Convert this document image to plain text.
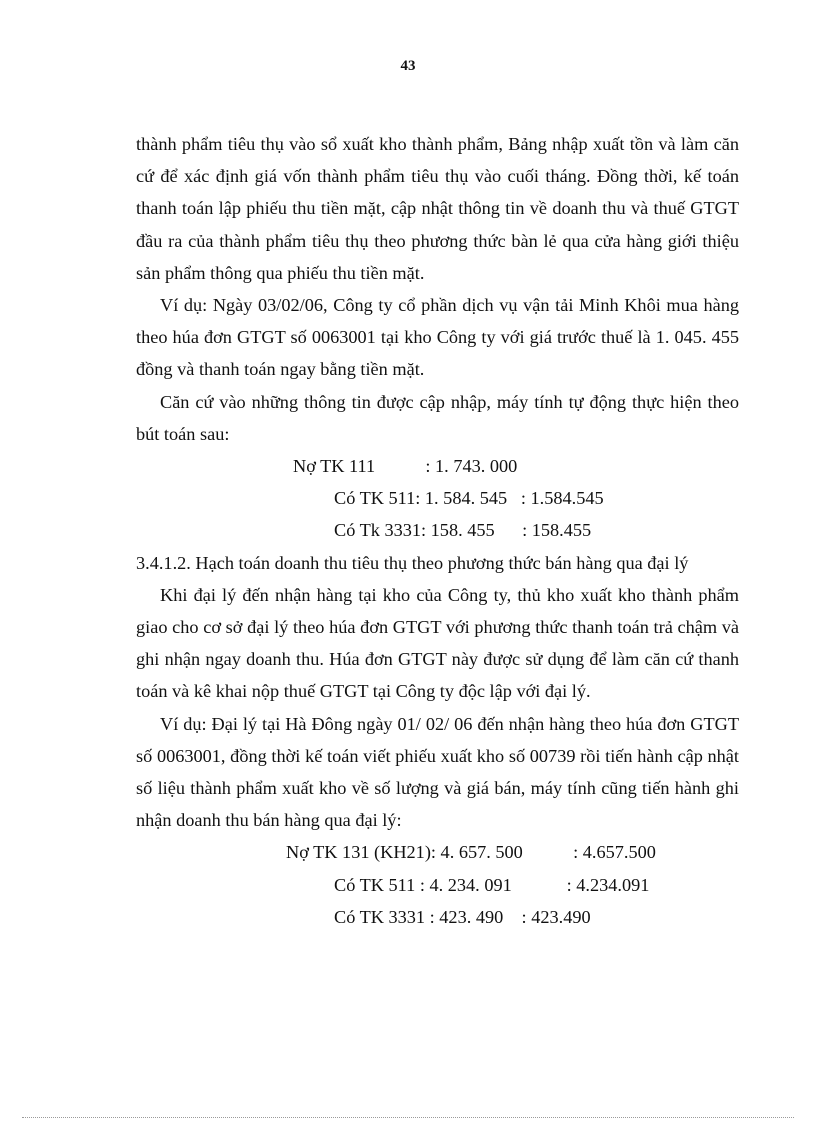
43

thành phẩm tiêu thụ vào sổ xuất kho thành phẩm, Bảng nhập xuất tồn và làm căn cứ để xác định giá vốn thành phẩm tiêu thụ vào cuối tháng. Đồng thời, kế toán thanh toán lập phiếu thu tiền mặt, cập nhật thông tin về doanh thu và thuế GTGT đầu ra của thành phẩm tiêu thụ theo phương thức bàn lẻ qua cửa hàng giới thiệu sản phẩm thông qua phiếu thu tiền mặt.

Ví dụ: Ngày 03/02/06, Công ty cổ phần dịch vụ vận tải Minh Khôi mua hàng theo húa đơn GTGT số 0063001 tại kho Công ty với giá trước thuế là 1. 045. 455 đồng và thanh toán ngay bằng tiền mặt.

Căn cứ vào những thông tin được cập nhập, máy tính tự động thực hiện theo bút toán sau:

Nợ TK 111           : 1. 743. 000

Có TK 511: 1. 584. 545   : 1.584.545

Có Tk 3331: 158. 455      : 158.455

3.4.1.2. Hạch toán doanh thu tiêu thụ theo phương thức bán hàng qua đại lý

Khi đại lý đến nhận hàng tại kho của Công ty, thủ kho xuất kho thành phẩm giao cho cơ sở đại lý theo húa đơn GTGT với phương thức thanh toán trả chậm và ghi nhận ngay doanh thu. Húa đơn GTGT này được sử dụng để làm căn cứ thanh toán và kê khai nộp thuế GTGT tại Công ty độc lập với đại lý.

Ví dụ: Đại lý tại Hà Đông ngày 01/ 02/ 06 đến nhận hàng theo húa đơn GTGT số 0063001, đồng thời kế toán viết phiếu xuất kho số 00739 rồi tiến hành cập nhật số liệu thành phẩm xuất kho về số lượng và giá bán, máy tính cũng tiến hành ghi nhận doanh thu bán hàng qua đại lý:

Nợ TK 131 (KH21): 4. 657. 500           : 4.657.500

Có TK 511 : 4. 234. 091            : 4.234.091

Có TK 3331 : 423. 490    : 423.490
